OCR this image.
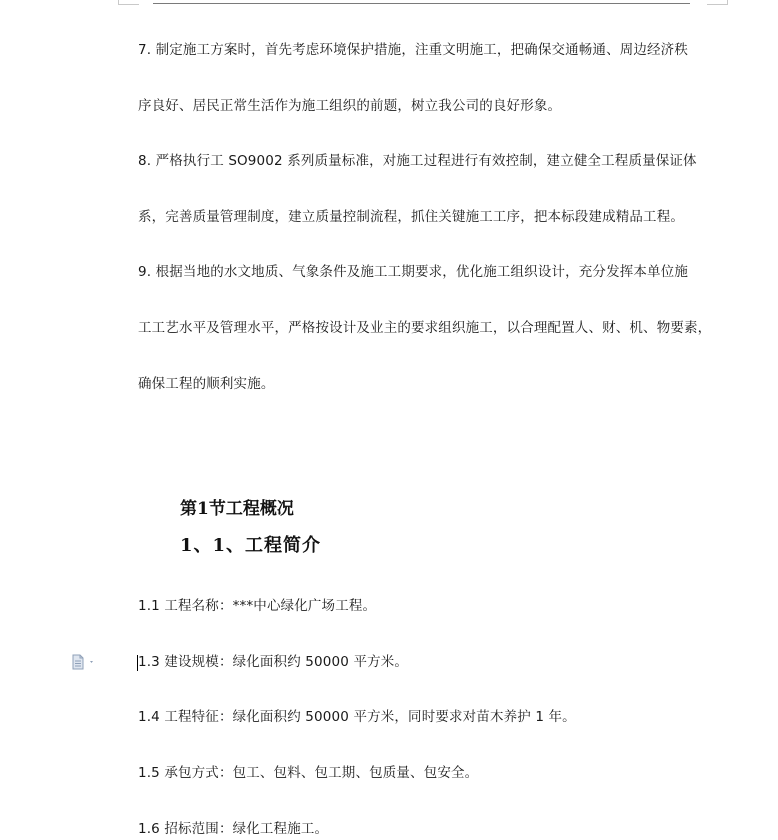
7. 制定施工方案时，首先考虑环境保护措施，注重文明施工，把确保交通畅通、周边经济秩
序良好、居民正常生活作为施工组织的前题，树立我公司的良好形象。
8. 严格执行工 SO9002 系列质量标准，对施工过程进行有效控制，建立健全工程质量保证体
系，完善质量管理制度，建立质量控制流程，抓住关键施工工序，把本标段建成精品工程。
9. 根据当地的水文地质、气象条件及施工工期要求，优化施工组织设计，充分发挥本单位施
工工艺水平及管理水平，严格按设计及业主的要求组织施工，以合理配置人、财、机、物要素，
确保工程的顺利实施。
第1节工程概况
1、1、工程简介
1.1 工程名称：***中心绿化广场工程。
1.3 建设规模：绿化面积约 50000 平方米。
1.4 工程特征：绿化面积约 50000 平方米，同时要求对苗木养护 1 年。
1.5 承包方式：包工、包料、包工期、包质量、包安全。
1.6 招标范围：绿化工程施工。
